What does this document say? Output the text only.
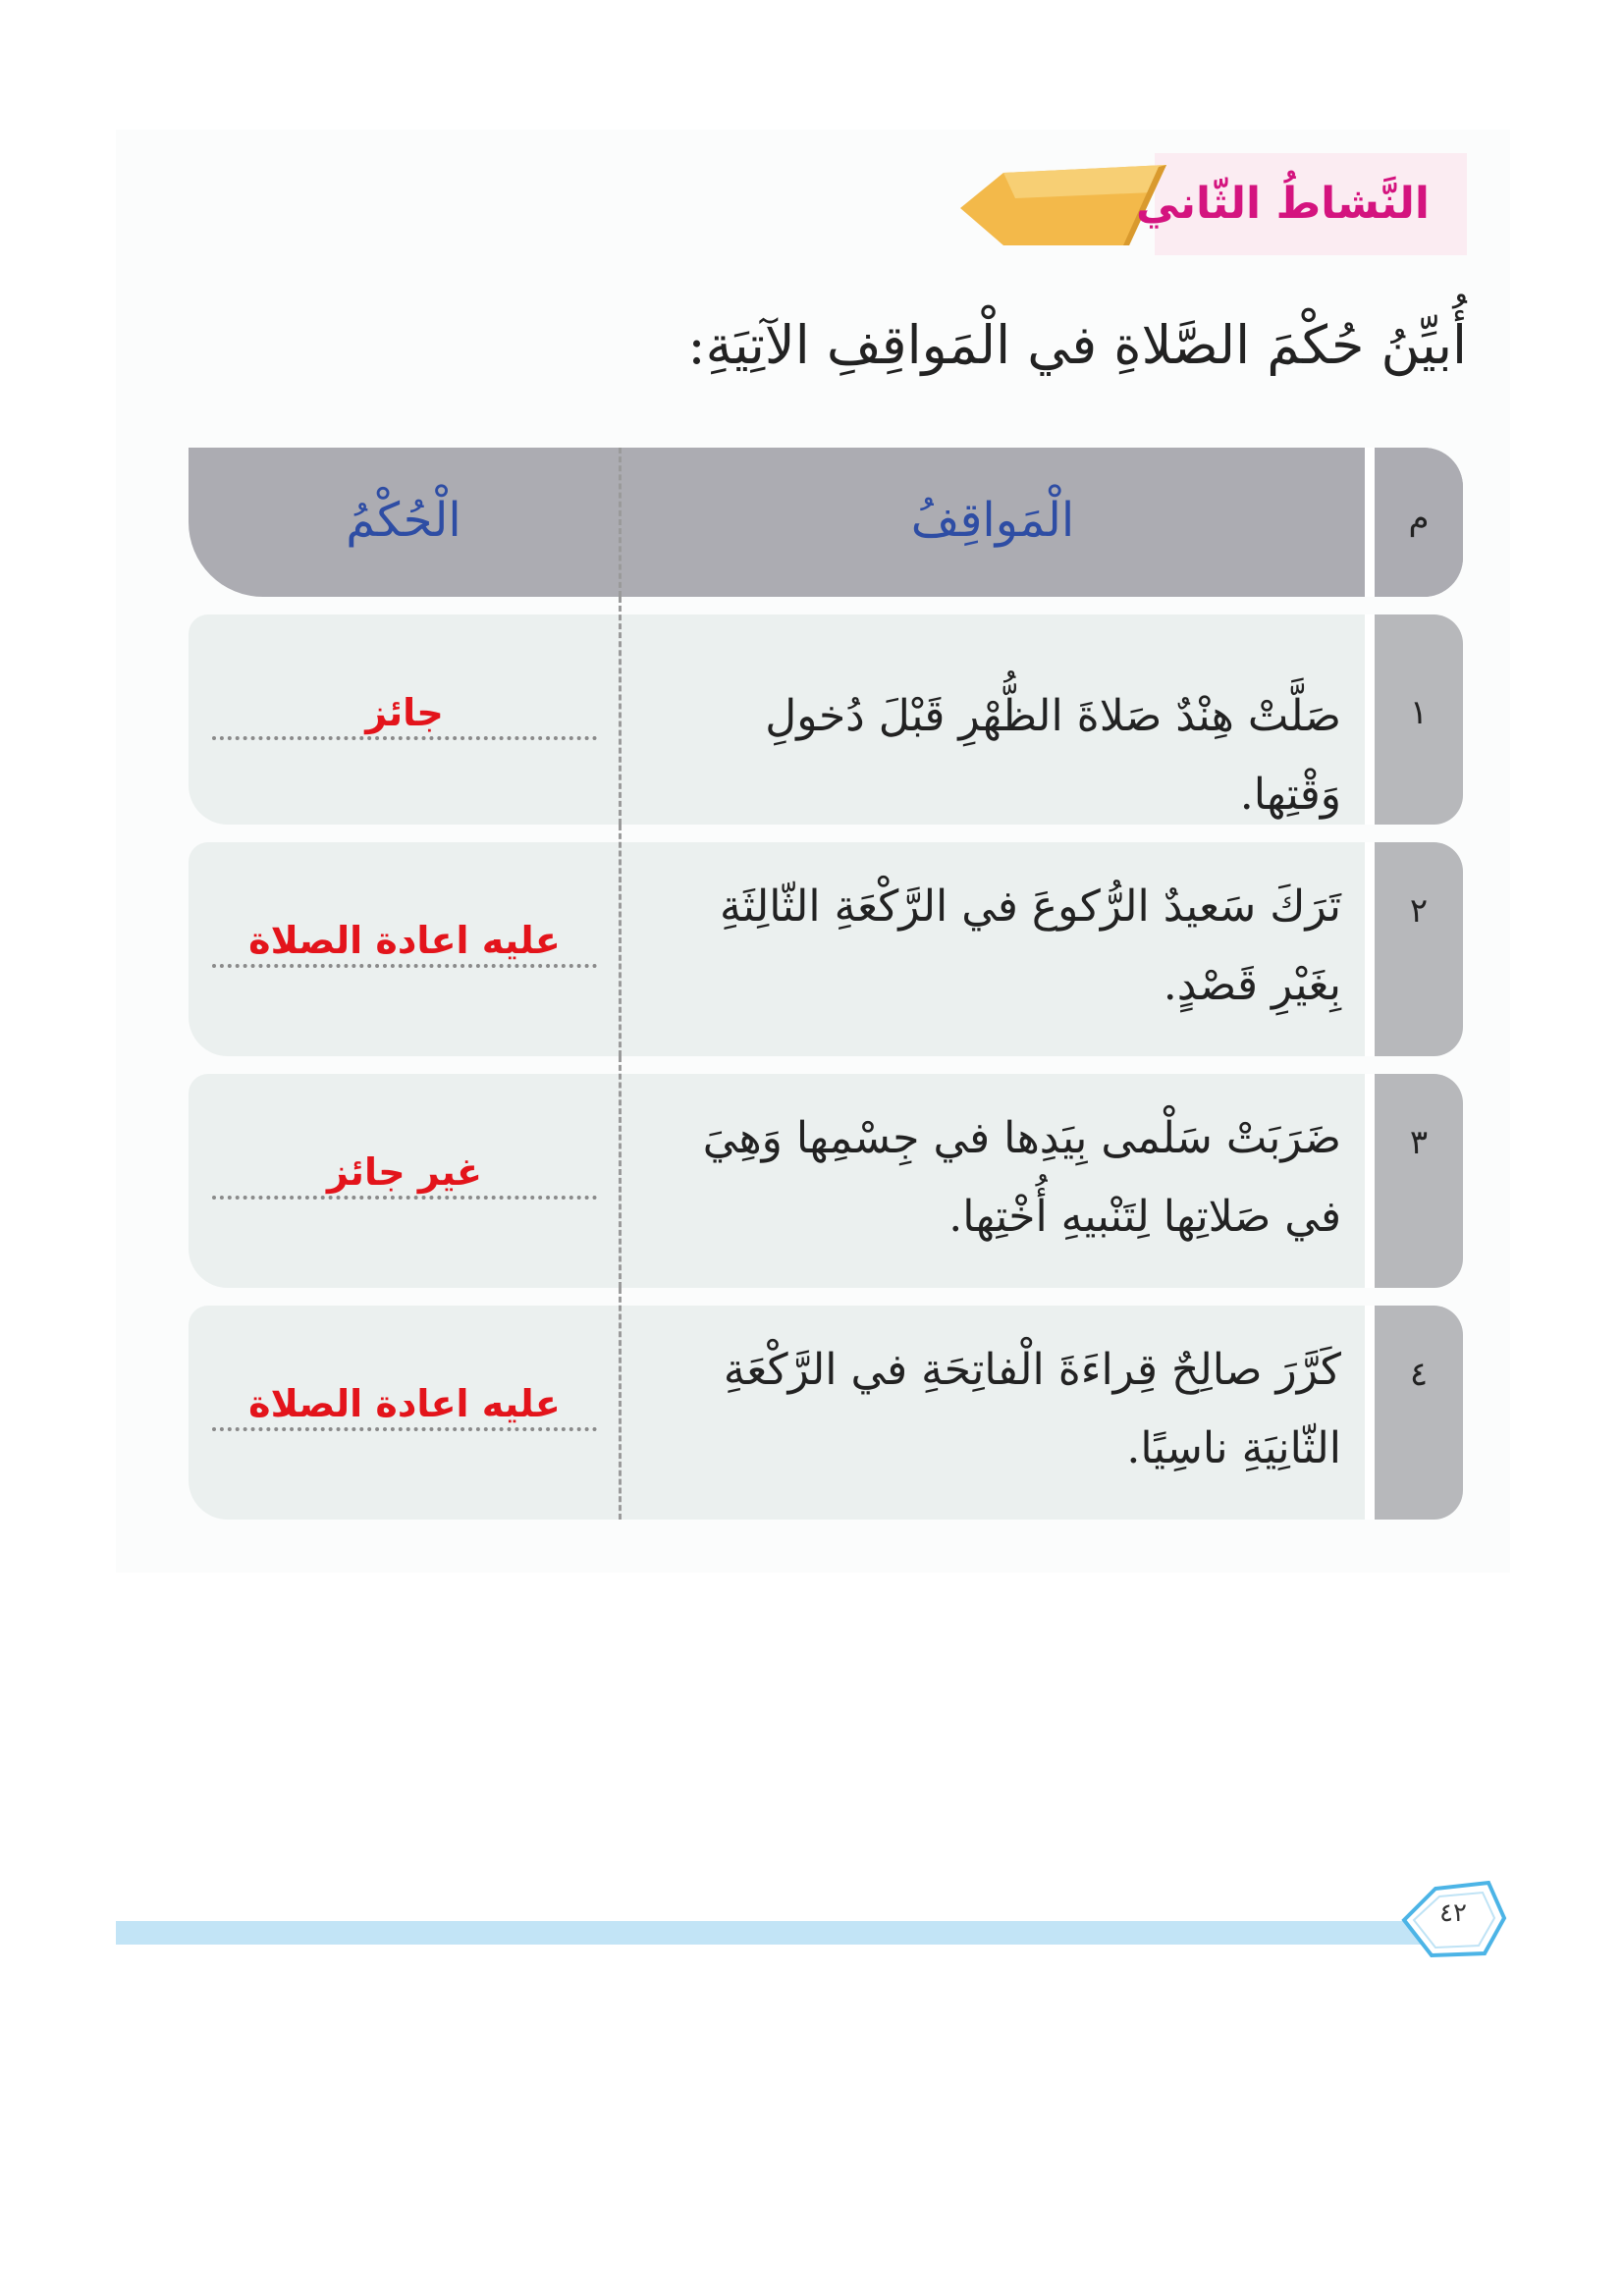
النَّشاطُ الثّاني
أُبيِّنُ حُكْمَ الصَّلاةِ في الْمَواقِفِ الآتِيَةِ:
م
الْمَواقِفُ
الْحُكْمُ
١
صَلَّتْ هِنْدٌ صَلاةَ الظُّهْرِ قَبْلَ دُخولِ وَقْتِها.
جائز
٢
تَرَكَ سَعيدٌ الرُّكوعَ في الرَّكْعَةِ الثّالِثَةِ بِغَيْرِ قَصْدٍ.
عليه اعادة الصلاة
٣
ضَرَبَتْ سَلْمى بِيَدِها في جِسْمِها وَهِيَ في صَلاتِها لِتَنْبيهِ أُخْتِها.
غير جائز
٤
كَرَّرَ صالِحٌ قِراءَةَ الْفاتِحَةِ في الرَّكْعَةِ الثّانِيَةِ ناسِيًا.
عليه اعادة الصلاة
٤٢
